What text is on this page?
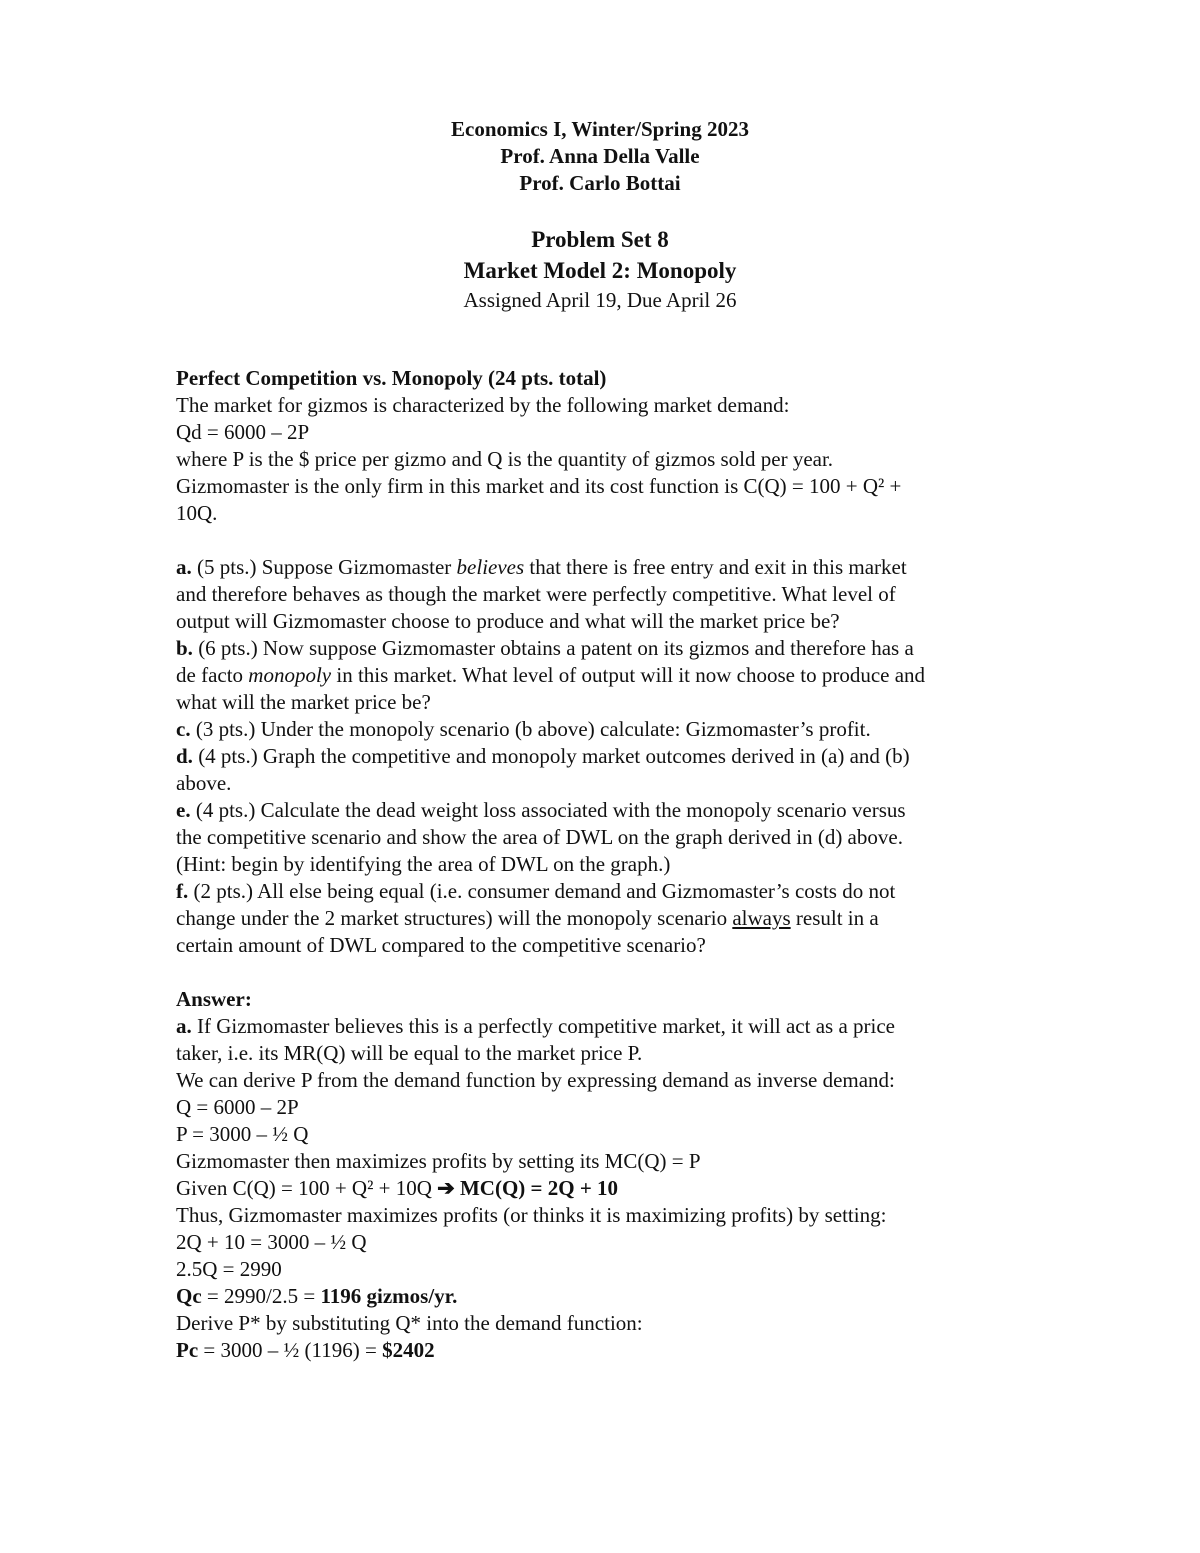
Economics I, Winter/Spring 2023
Prof. Anna Della Valle
Prof. Carlo Bottai
Problem Set 8
Market Model 2: Monopoly
Assigned April 19, Due April 26
Perfect Competition vs. Monopoly (24 pts. total)
The market for gizmos is characterized by the following market demand:
Qd = 6000 – 2P
where P is the $ price per gizmo and Q is the quantity of gizmos sold per year.
Gizmomaster is the only firm in this market and its cost function is C(Q) = 100 + Q² +
10Q.
a. (5 pts.) Suppose Gizmomaster believes that there is free entry and exit in this market
and therefore behaves as though the market were perfectly competitive. What level of
output will Gizmomaster choose to produce and what will the market price be?
b. (6 pts.) Now suppose Gizmomaster obtains a patent on its gizmos and therefore has a
de facto monopoly in this market. What level of output will it now choose to produce and
what will the market price be?
c. (3 pts.) Under the monopoly scenario (b above) calculate: Gizmomaster’s profit.
d. (4 pts.) Graph the competitive and monopoly market outcomes derived in (a) and (b)
above.
e. (4 pts.) Calculate the dead weight loss associated with the monopoly scenario versus
the competitive scenario and show the area of DWL on the graph derived in (d) above.
(Hint: begin by identifying the area of DWL on the graph.)
f. (2 pts.) All else being equal (i.e. consumer demand and Gizmomaster’s costs do not
change under the 2 market structures) will the monopoly scenario always result in a
certain amount of DWL compared to the competitive scenario?
Answer:
a. If Gizmomaster believes this is a perfectly competitive market, it will act as a price
taker, i.e. its MR(Q) will be equal to the market price P.
We can derive P from the demand function by expressing demand as inverse demand:
Q = 6000 – 2P
P = 3000 – ½ Q
Gizmomaster then maximizes profits by setting its MC(Q) = P
Given C(Q) = 100 + Q² + 10Q ➔ MC(Q) = 2Q + 10
Thus, Gizmomaster maximizes profits (or thinks it is maximizing profits) by setting:
2Q + 10 = 3000 – ½ Q
2.5Q = 2990
Qc = 2990/2.5 = 1196 gizmos/yr.
Derive P* by substituting Q* into the demand function:
Pc = 3000 – ½ (1196) = $2402
